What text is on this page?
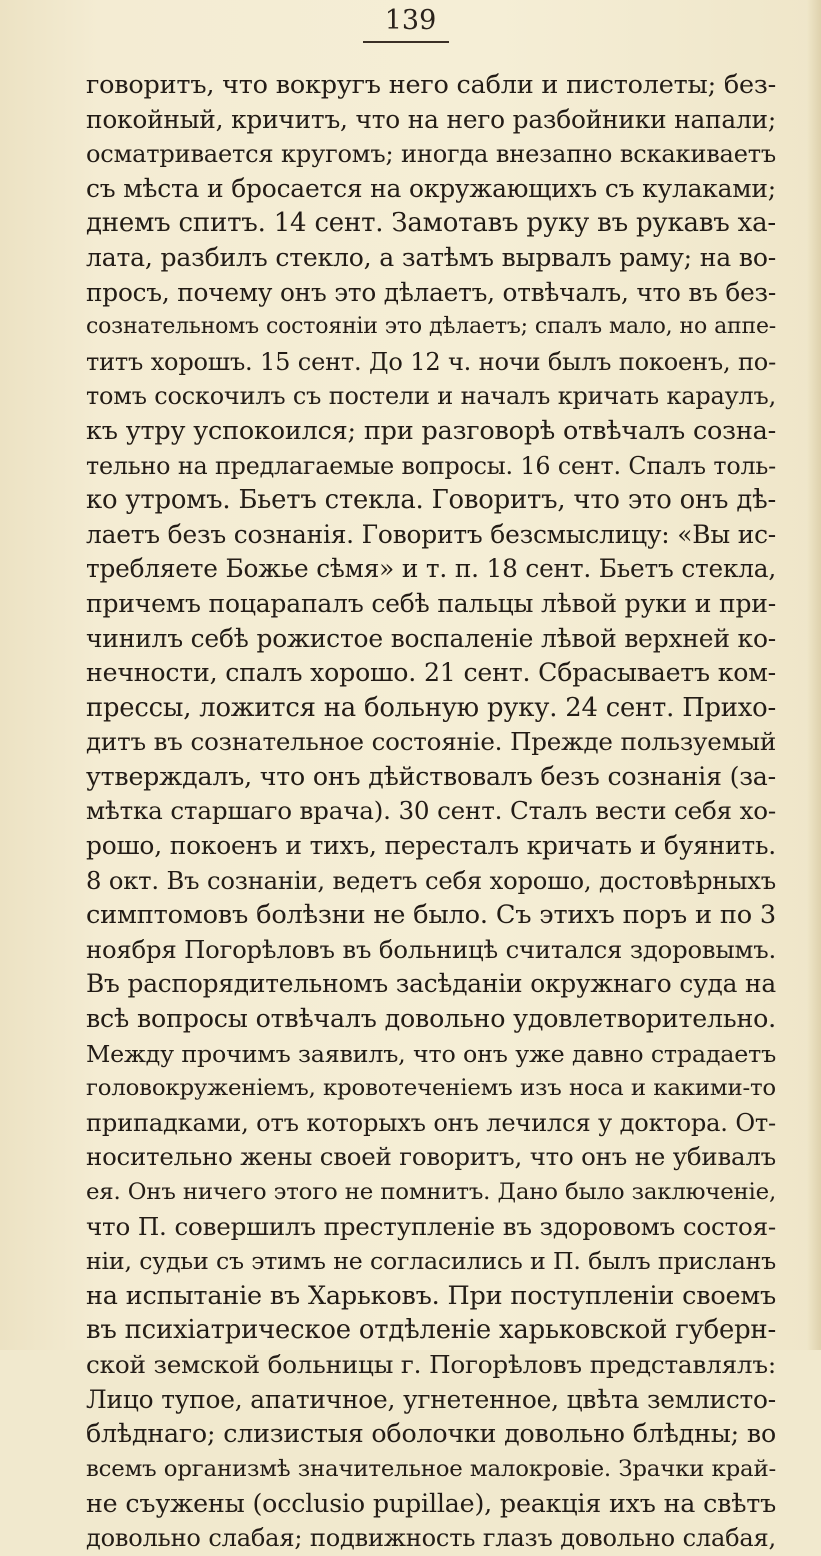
139
говоритъ, что вокругъ него сабли и пистолеты; без-
покойный, кричитъ, что на него разбойники напали;
осматривается кругомъ; иногда внезапно вскакиваетъ
съ мѣста и бросается на окружающихъ съ кулаками;
днемъ спитъ. 14 сент. Замотавъ руку въ рукавъ ха-
лата, разбилъ стекло, а затѣмъ вырвалъ раму; на во-
просъ, почему онъ это дѣлаетъ, отвѣчалъ, что въ без-
сознательномъ состояніи это дѣлаетъ; спалъ мало, но аппе-
титъ хорошъ. 15 сент. До 12 ч. ночи былъ покоенъ, по-
томъ соскочилъ съ постели и началъ кричать караулъ,
къ утру успокоился; при разговорѣ отвѣчалъ созна-
тельно на предлагаемые вопросы. 16 сент. Спалъ толь-
ко утромъ. Бьетъ стекла. Говоритъ, что это онъ дѣ-
лаетъ безъ сознанія. Говоритъ безсмыслицу: «Вы ис-
требляете Божье сѣмя» и т. п. 18 сент. Бьетъ стекла,
причемъ поцарапалъ себѣ пальцы лѣвой руки и при-
чинилъ себѣ рожистое воспаленіе лѣвой верхней ко-
нечности, спалъ хорошо. 21 сент. Сбрасываетъ ком-
прессы, ложится на больную руку. 24 сент. Прихо-
дитъ въ сознательное состояніе. Прежде пользуемый
утверждалъ, что онъ дѣйствовалъ безъ сознанія (за-
мѣтка старшаго врача). 30 сент. Сталъ вести себя хо-
рошо, покоенъ и тихъ, пересталъ кричать и буянить.
8 окт. Въ сознаніи, ведетъ себя хорошо, достовѣрныхъ
симптомовъ болѣзни не было. Съ этихъ поръ и по 3
ноября Погорѣловъ въ больницѣ считался здоровымъ.
Въ распорядительномъ засѣданіи окружнаго суда на
всѣ вопросы отвѣчалъ довольно удовлетворительно.
Между прочимъ заявилъ, что онъ уже давно страдаетъ
головокруженіемъ, кровотеченіемъ изъ носа и какими-то
припадками, отъ которыхъ онъ лечился у доктора. От-
носительно жены своей говоритъ, что онъ не убивалъ
ея. Онъ ничего этого не помнитъ. Дано было заключеніе,
что П. совершилъ преступленіе въ здоровомъ состоя-
ніи, судьи съ этимъ не согласились и П. былъ присланъ
на испытаніе въ Харьковъ. При поступленіи своемъ
въ психіатрическое отдѣленіе харьковской губерн-
ской земской больницы г. Погорѣловъ представлялъ:
Лицо тупое, апатичное, угнетенное, цвѣта землисто-
блѣднаго; слизистыя оболочки довольно блѣдны; во
всемъ организмѣ значительное малокровіе. Зрачки край-
не съужены (occlusio pupillae), реакція ихъ на свѣтъ
довольно слабая; подвижность глазъ довольно слабая,
